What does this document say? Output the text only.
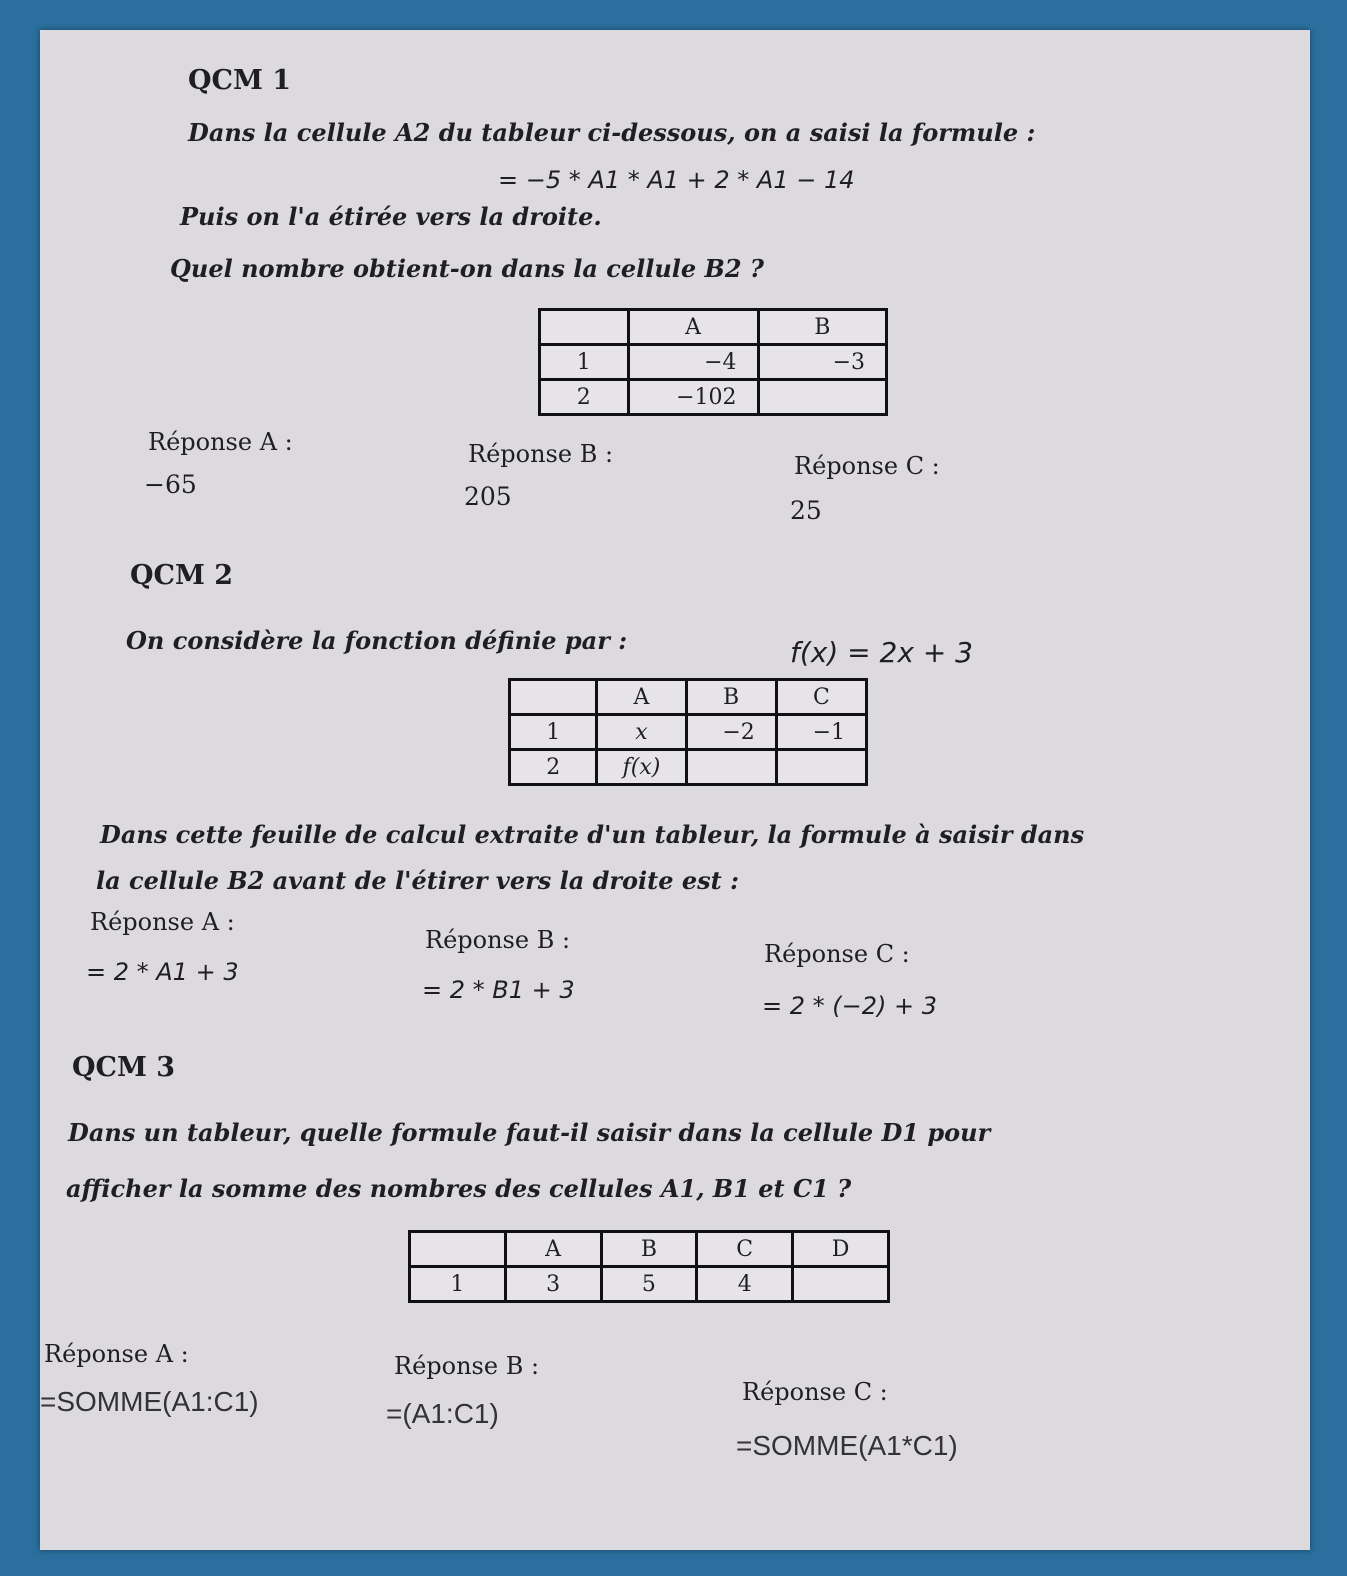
QCM 1
Dans la cellule A2 du tableur ci-dessous, on a saisi la formule :
= −5 * A1 * A1 + 2 * A1 − 14
Puis on l'a étirée vers la droite.
Quel nombre obtient-on dans la cellule B2 ?
	A	B
1	−4	−3
2	−102	
Réponse A :
−65
Réponse B :
205
Réponse C :
25
QCM 2
On considère la fonction définie par :	f(x) = 2x + 3
	A	B	C
1	x	−2	−1
2	f(x)		
Dans cette feuille de calcul extraite d'un tableur, la formule à saisir dans
la cellule B2 avant de l'étirer vers la droite est :
Réponse A :
= 2 * A1 + 3
Réponse B :
= 2 * B1 + 3
Réponse C :
= 2 * (−2) + 3
QCM 3
Dans un tableur, quelle formule faut-il saisir dans la cellule D1 pour
afficher la somme des nombres des cellules A1, B1 et C1 ?
	A	B	C	D
1	3	5	4	
Réponse A :
=SOMME(A1:C1)
Réponse B :
=(A1:C1)
Réponse C :
=SOMME(A1*C1)
